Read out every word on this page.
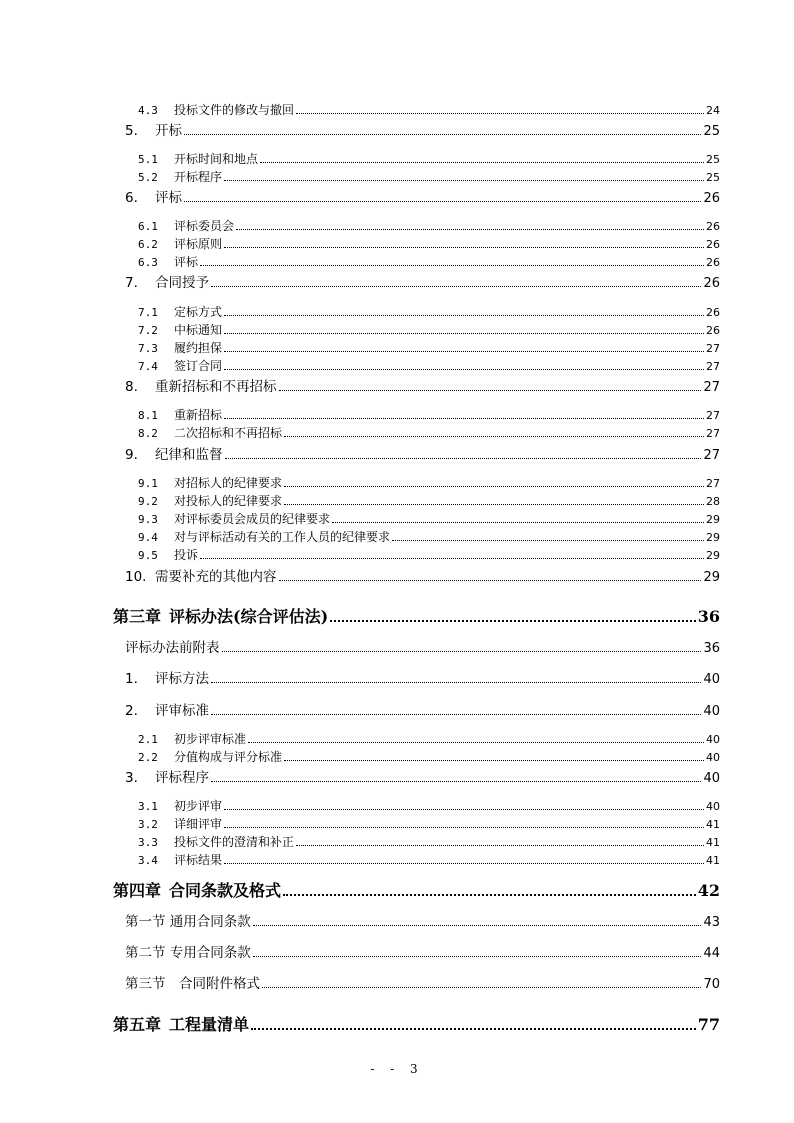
4.3	投标文件的修改与撤回	24
5.	开标	25
5.1	开标时间和地点	25
5.2	开标程序	25
6.	评标	26
6.1	评标委员会	26
6.2	评标原则	26
6.3	评标	26
7.	合同授予	26
7.1	定标方式	26
7.2	中标通知	26
7.3	履约担保	27
7.4	签订合同	27
8.	重新招标和不再招标	27
8.1	重新招标	27
8.2	二次招标和不再招标	27
9.	纪律和监督	27
9.1	对招标人的纪律要求	27
9.2	对投标人的纪律要求	28
9.3	对评标委员会成员的纪律要求	29
9.4	对与评标活动有关的工作人员的纪律要求	29
9.5	投诉	29
10. 需要补充的其他内容	29
第三章 评标办法(综合评估法)	36
评标办法前附表	36
1.	评标方法	40
2.	评审标准	40
2.1	初步评审标准	40
2.2	分值构成与评分标准	40
3.	评标程序	40
3.1	初步评审	40
3.2	详细评审	41
3.3	投标文件的澄清和补正	41
3.4	评标结果	41
第四章 合同条款及格式	42
第一节 通用合同条款	43
第二节 专用合同条款	44
第三节　合同附件格式	70
第五章 工程量清单	77
- - 3
